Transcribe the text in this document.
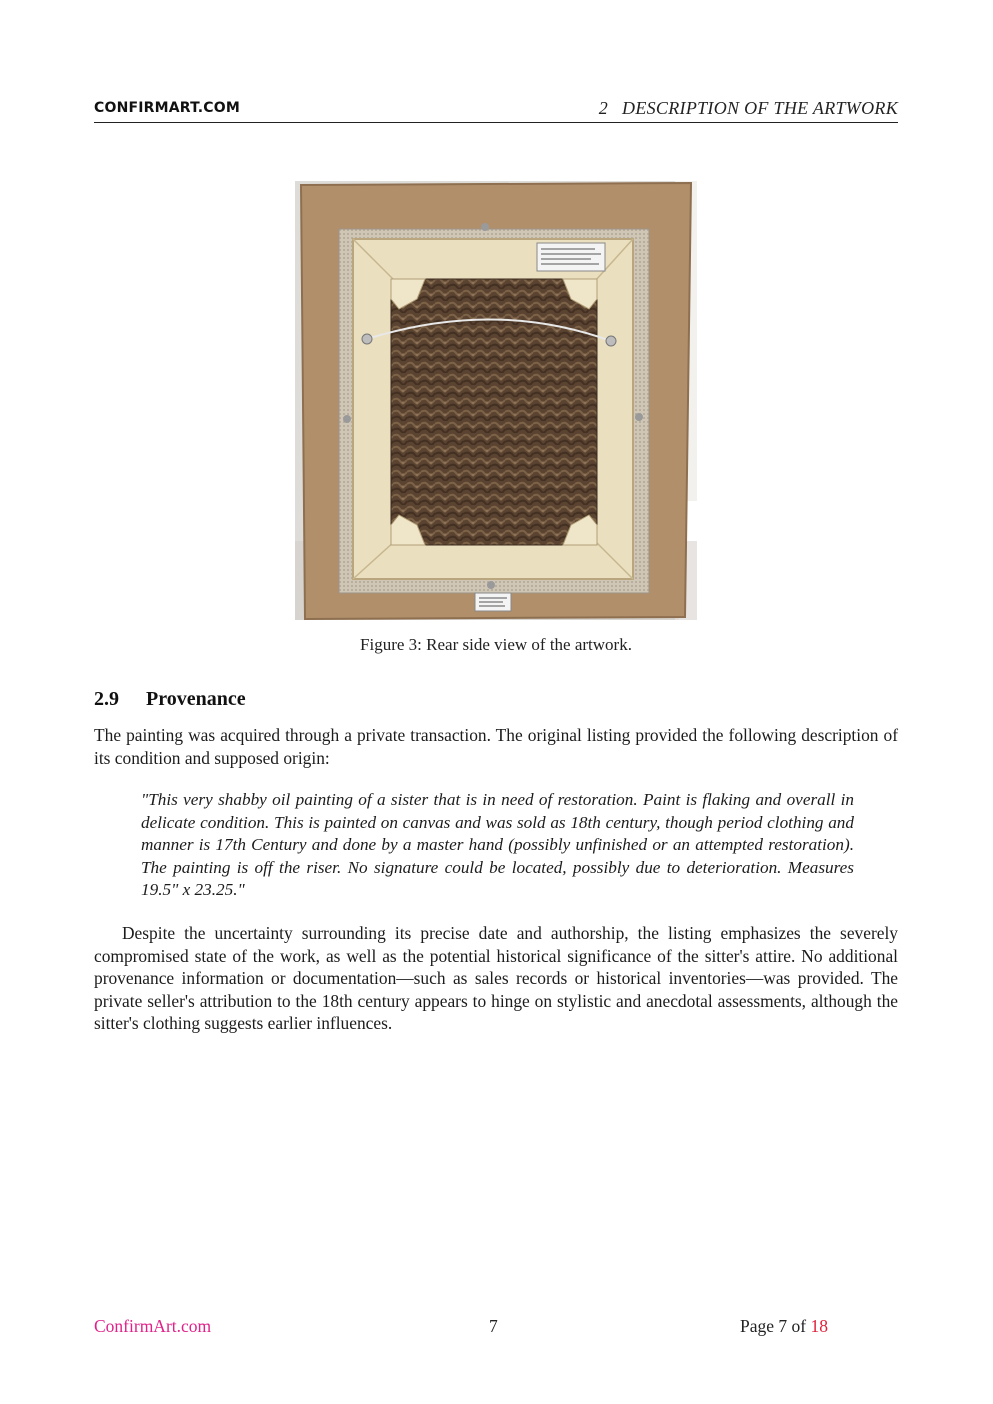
CONFIRMART.COM	2 DESCRIPTION OF THE ARTWORK
Figure 3: Rear side view of the artwork.
2.9 Provenance
The painting was acquired through a private transaction. The original listing provided the following description of its condition and supposed origin:
"This very shabby oil painting of a sister that is in need of restoration. Paint is flaking and overall in delicate condition. This is painted on canvas and was sold as 18th century, though period clothing and manner is 17th Century and done by a master hand (possibly unfinished or an attempted restoration). The painting is off the riser. No signature could be located, possibly due to deterioration. Measures 19.5" x 23.25."
Despite the uncertainty surrounding its precise date and authorship, the listing emphasizes the severely compromised state of the work, as well as the potential historical significance of the sitter's attire. No additional provenance information or documentation—such as sales records or historical inventories—was provided. The private seller's attribution to the 18th century appears to hinge on stylistic and anecdotal assessments, although the sitter's clothing suggests earlier influences.
ConfirmArt.com	7	Page 7 of 18
